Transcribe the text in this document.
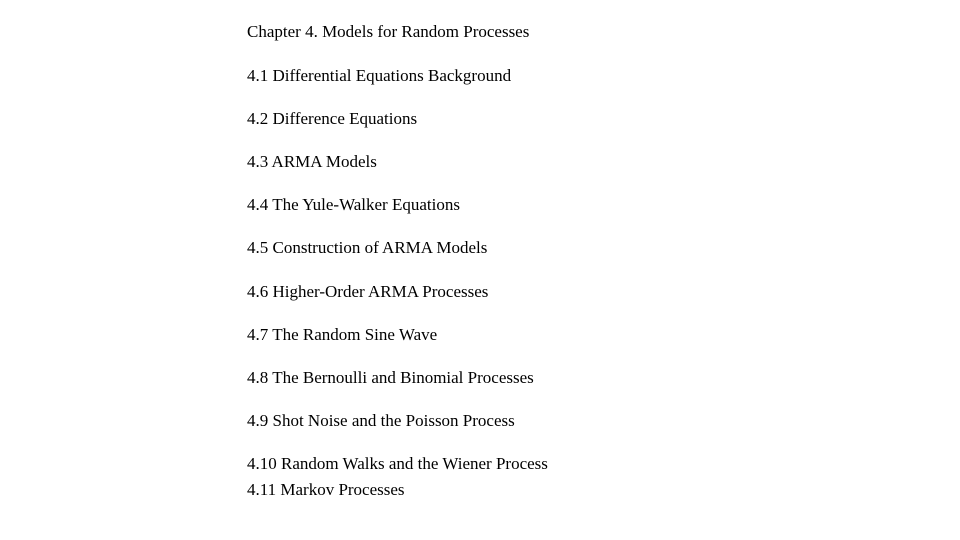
Chapter 4. Models for Random Processes
4.1 Differential Equations Background
4.2 Difference Equations
4.3 ARMA Models
4.4 The Yule-Walker Equations
4.5 Construction of ARMA Models
4.6 Higher-Order ARMA Processes
4.7 The Random Sine Wave
4.8 The Bernoulli and Binomial Processes
4.9 Shot Noise and the Poisson Process
4.10 Random Walks and the Wiener Process
4.11 Markov Processes
